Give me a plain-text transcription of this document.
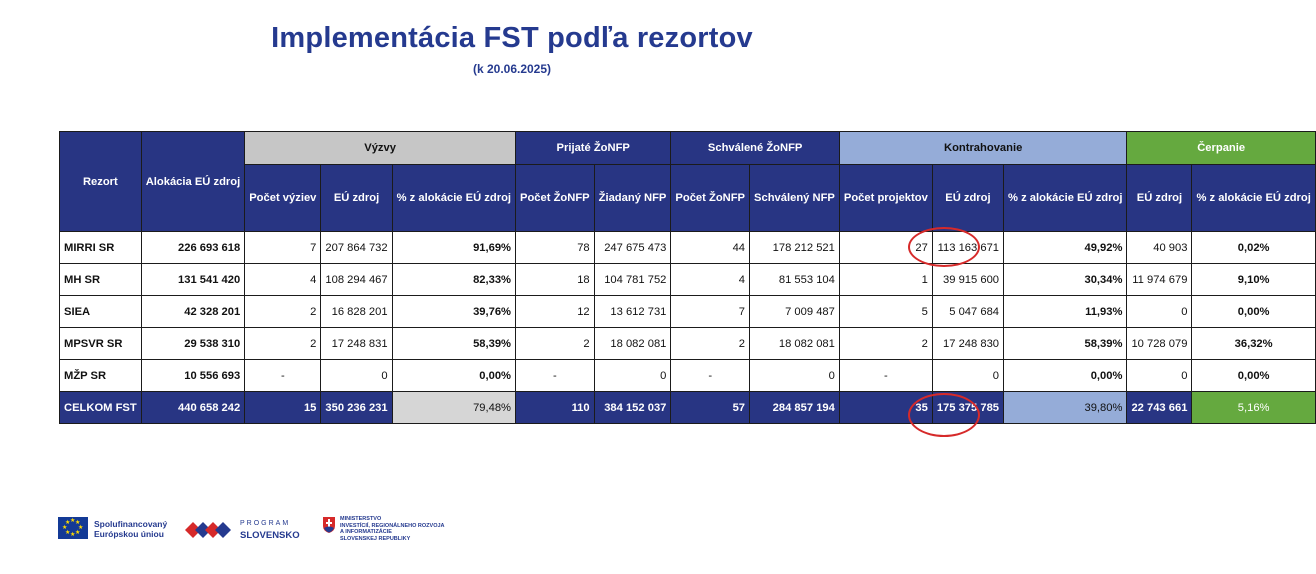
Implementácia FST podľa rezortov
(k 20.06.2025)
Rezort	Alokácia EÚ zdroj	Výzvy			Prijaté ŽoNFP		Schválené ŽoNFP		Kontrahovanie			Čerpanie	
		Počet výziev	EÚ zdroj	% z alokácie EÚ zdroj	Počet ŽoNFP	Žiadaný NFP	Počet ŽoNFP	Schválený NFP	Počet projektov	EÚ zdroj	% z alokácie EÚ zdroj	EÚ zdroj	% z alokácie EÚ zdroj
MIRRI SR	226 693 618	7	207 864 732	91,69%	78	247 675 473	44	178 212 521	27	113 163 671	49,92%	40 903	0,02%
MH SR	131 541 420	4	108 294 467	82,33%	18	104 781 752	4	81 553 104	1	39 915 600	30,34%	11 974 679	9,10%
SIEA	42 328 201	2	16 828 201	39,76%	12	13 612 731	7	7 009 487	5	5 047 684	11,93%	0	0,00%
MPSVR SR	29 538 310	2	17 248 831	58,39%	2	18 082 081	2	18 082 081	2	17 248 830	58,39%	10 728 079	36,32%
MŽP SR	10 556 693	-	0	0,00%	-	0	-	0	-	0	0,00%	0	0,00%
CELKOM FST	440 658 242	15	350 236 231	79,48%	110	384 152 037	57	284 857 194	35	175 375 785	39,80%	22 743 661	5,16%
★ ★
★
★
★
★
★
★	Spolufinancovaný
Európskou úniou
PROGRAM
SLOVENSKO
MINISTERSTVO
INVESTÍCIÍ, REGIONÁLNEHO ROZVOJA
A INFORMATIZÁCIE
SLOVENSKEJ REPUBLIKY
